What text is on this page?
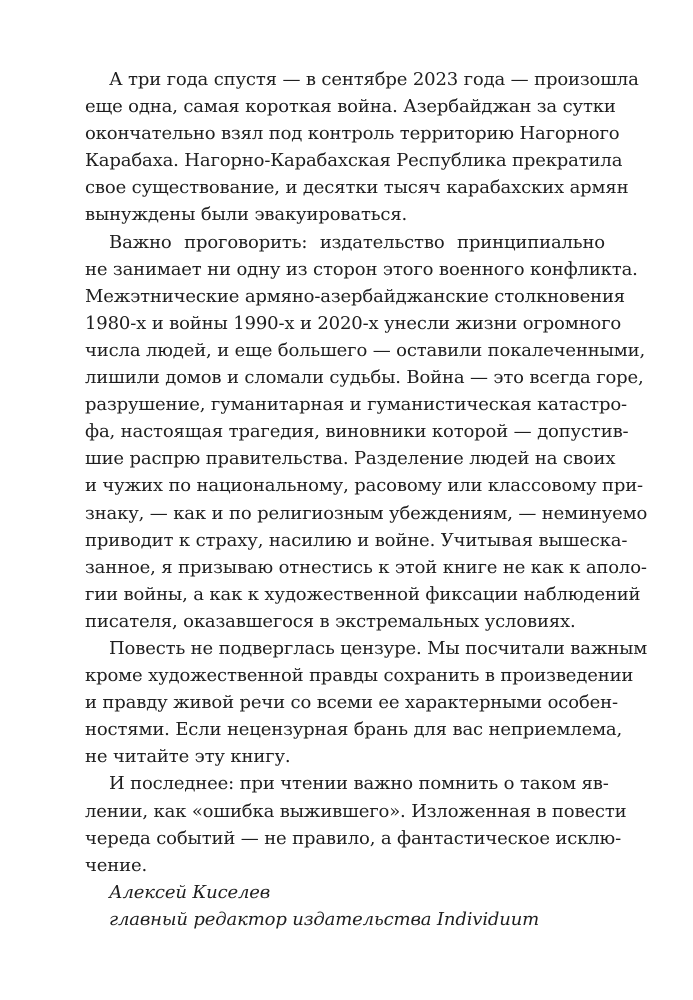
А три года спустя — в сентябре 2023 года — произошла
еще одна, самая короткая война. Азербайджан за сутки
окончательно взял под контроль территорию Нагорного
Карабаха. Нагорно-Карабахская Республика прекратила
свое существование, и десятки тысяч карабахских армян
вынуждены были эвакуироваться.
Важно проговорить: издательство принципиально
не занимает ни одну из сторон этого военного конфликта.
Межэтнические армяно-азербайджанские столкновения
1980-х и войны 1990-х и 2020-х унесли жизни огромного
числа людей, и еще большего — оставили покалеченными,
лишили домов и сломали судьбы. Война — это всегда горе,
разрушение, гуманитарная и гуманистическая катастро-
фа, настоящая трагедия, виновники которой — допустив-
шие распрю правительства. Разделение людей на своих
и чужих по национальному, расовому или классовому при-
знаку, — как и по религиозным убеждениям, — неминуемо
приводит к страху, насилию и войне. Учитывая вышеска-
занное, я призываю отнестись к этой книге не как к аполо-
гии войны, а как к художественной фиксации наблюдений
писателя, оказавшегося в экстремальных условиях.
Повесть не подверглась цензуре. Мы посчитали важным
кроме художественной правды сохранить в произведении
и правду живой речи со всеми ее характерными особен-
ностями. Если нецензурная брань для вас неприемлема,
не читайте эту книгу.
И последнее: при чтении важно помнить о таком яв-
лении, как «ошибка выжившего». Изложенная в повести
череда событий — не правило, а фантастическое исклю-
чение.
Алексей Киселев
главный редактор издательства Individuum
